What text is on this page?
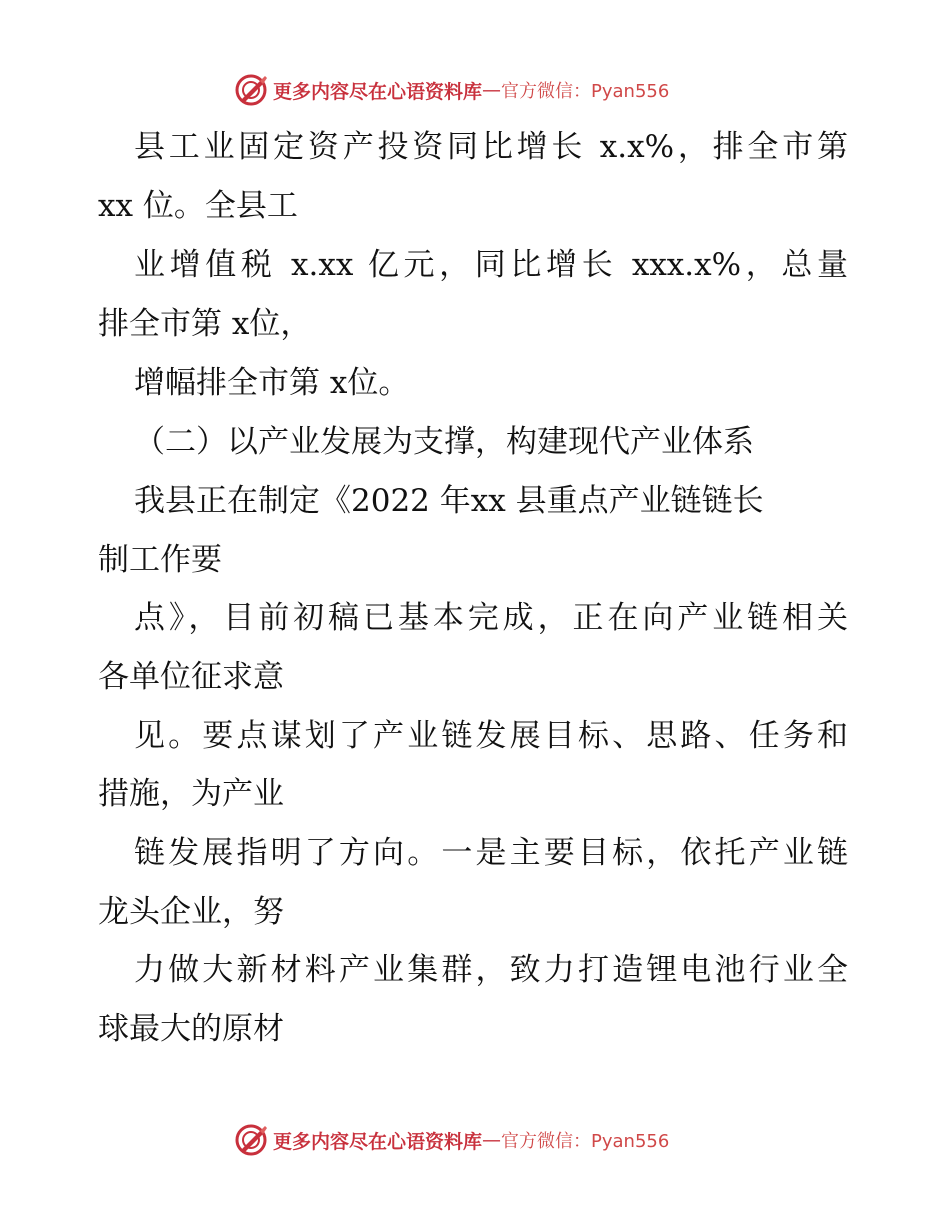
更多内容尽在心语资料库 — 官方微信：Pyan556
县工业固定资产投资同比增长 x.x%，排全市第
xx 位。全县工
业增值税 x.xx 亿元，同比增长 xxx.x%，总量
排全市第 x位，
增幅排全市第 x位。
（二）以产业发展为支撑，构建现代产业体系
我县正在制定《2022 年xx 县重点产业链链长
制工作要
点》，目前初稿已基本完成，正在向产业链相关
各单位征求意
见。要点谋划了产业链发展目标、思路、任务和
措施，为产业
链发展指明了方向。一是主要目标，依托产业链
龙头企业，努
力做大新材料产业集群，致力打造锂电池行业全
球最大的原材
更多内容尽在心语资料库 — 官方微信：Pyan556
